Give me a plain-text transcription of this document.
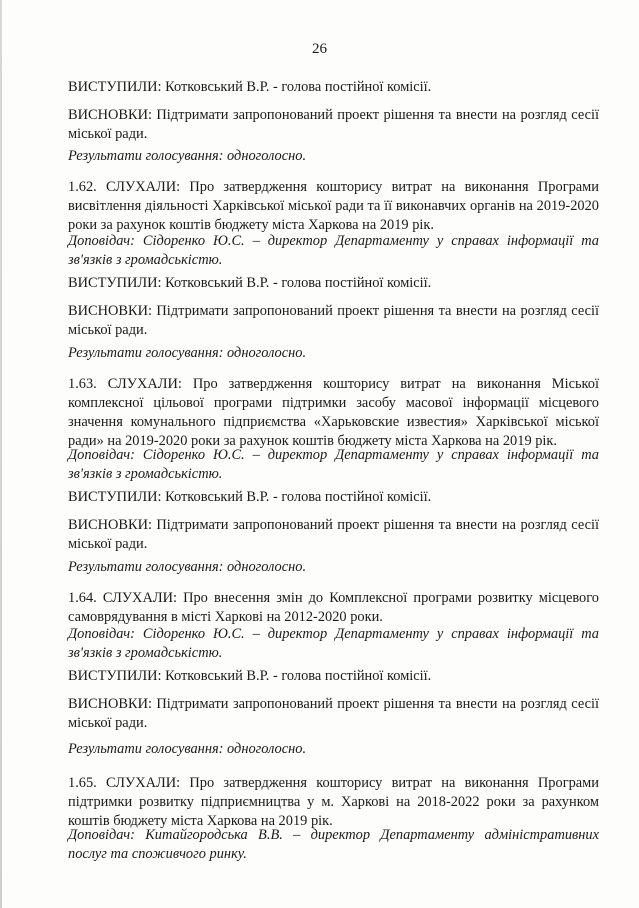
26
ВИСТУПИЛИ: Котковський В.Р. - голова постійної комісії.
ВИСНОВКИ: Підтримати запропонований проект рішення та внести на розгляд сесії міської ради.
Результати голосування: одноголосно.
1.62. СЛУХАЛИ: Про затвердження кошторису витрат на виконання Програми висвітлення діяльності Харківської міської ради та її виконавчих органів на 2019-2020 роки за рахунок коштів бюджету міста Харкова на 2019 рік.
Доповідач: Сідоренко Ю.С. – директор Департаменту у справах інформації та зв'язків з громадськістю.
ВИСТУПИЛИ: Котковський В.Р. - голова постійної комісії.
ВИСНОВКИ: Підтримати запропонований проект рішення та внести на розгляд сесії міської ради.
Результати голосування: одноголосно.
1.63. СЛУХАЛИ: Про затвердження кошторису витрат на виконання Міської комплексної цільової програми підтримки засобу масової інформації місцевого значення комунального підприємства «Харьковские известия» Харківської міської ради» на 2019-2020 роки за рахунок коштів бюджету міста Харкова на 2019 рік.
Доповідач: Сідоренко Ю.С. – директор Департаменту у справах інформації та зв'язків з громадськістю.
ВИСТУПИЛИ: Котковський В.Р. - голова постійної комісії.
ВИСНОВКИ: Підтримати запропонований проект рішення та внести на розгляд сесії міської ради.
Результати голосування: одноголосно.
1.64. СЛУХАЛИ: Про внесення змін до Комплексної програми розвитку місцевого самоврядування в місті Харкові на 2012-2020 роки.
Доповідач: Сідоренко Ю.С. – директор Департаменту у справах інформації та зв'язків з громадськістю.
ВИСТУПИЛИ: Котковський В.Р. - голова постійної комісії.
ВИСНОВКИ: Підтримати запропонований проект рішення та внести на розгляд сесії міської ради.
Результати голосування: одноголосно.
1.65. СЛУХАЛИ: Про затвердження кошторису витрат на виконання Програми підтримки розвитку підприємництва у м. Харкові на 2018-2022 роки за рахунком коштів бюджету міста Харкова на 2019 рік.
Доповідач: Китайгородська В.В. – директор Департаменту адміністративних послуг та споживчого ринку.
